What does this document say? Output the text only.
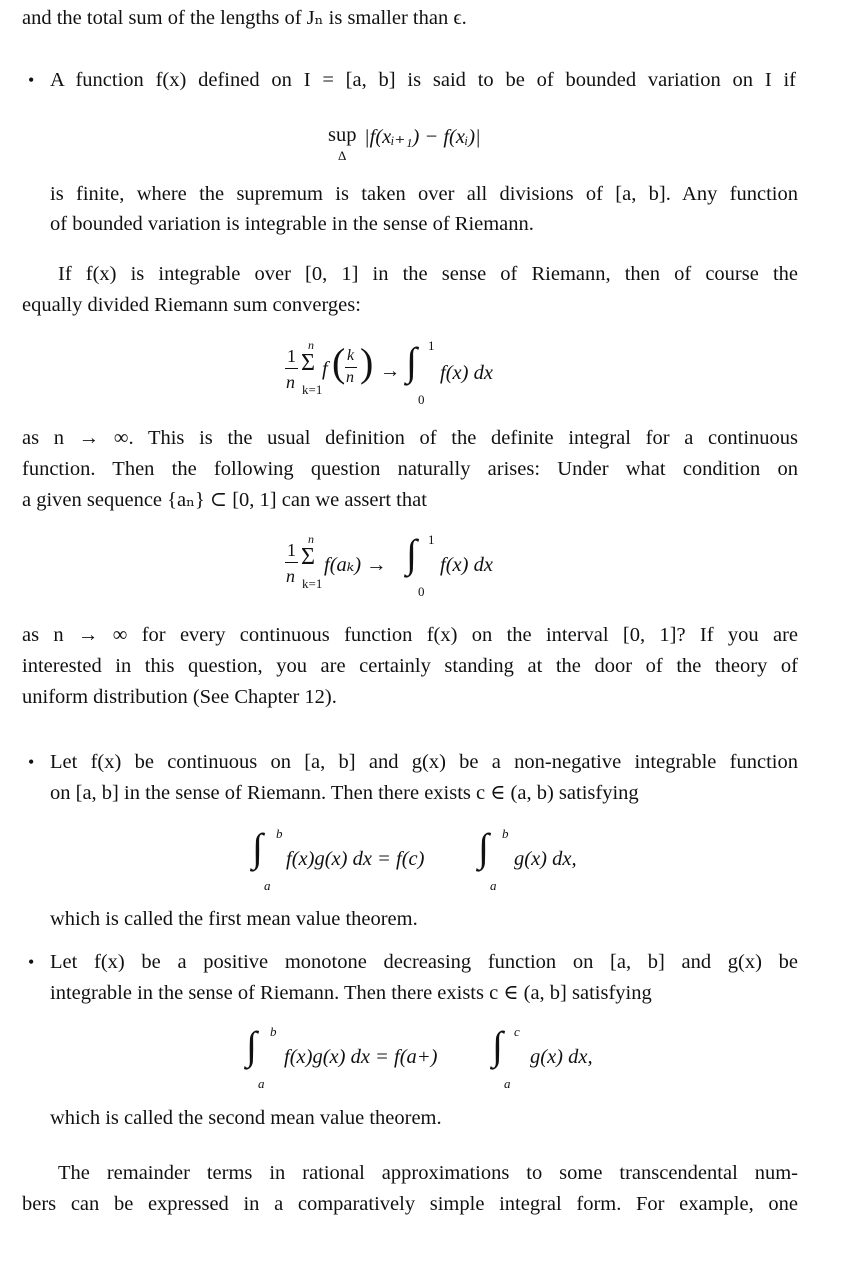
and the total sum of the lengths of Jₙ is smaller than ϵ.
• A function f(x) defined on I = [a, b] is said to be of bounded variation on I if
sup
Δ
|f(xᵢ₊₁) − f(xᵢ)|
is finite, where the supremum is taken over all divisions of [a, b]. Any function
of bounded variation is integrable in the sense of Riemann.
If f(x) is integrable over [0, 1] in the sense of Riemann, then of course the
equally divided Riemann sum converges:
1
n
n
Σ
k=1
f ( k
n ) → ∫ 1
0
f(x) dx
as n → ∞. This is the usual definition of the definite integral for a continuous
function. Then the following question naturally arises: Under what condition on
a given sequence {aₙ} ⊂ [0, 1] can we assert that
1
n
n
Σ
k=1
f(aₖ) → ∫ 1
0
f(x) dx
as n → ∞ for every continuous function f(x) on the interval [0, 1]? If you are
interested in this question, you are certainly standing at the door of the theory of
uniform distribution (See Chapter 12).
• Let f(x) be continuous on [a, b] and g(x) be a non-negative integrable function
on [a, b] in the sense of Riemann. Then there exists c ∈ (a, b) satisfying
∫ b
a
f(x)g(x) dx = f(c) ∫ b
a
g(x) dx,
which is called the first mean value theorem.
• Let f(x) be a positive monotone decreasing function on [a, b] and g(x) be
integrable in the sense of Riemann. Then there exists c ∈ (a, b] satisfying
∫ b
a
f(x)g(x) dx = f(a+) ∫ c
a
g(x) dx,
which is called the second mean value theorem.
The remainder terms in rational approximations to some transcendental num-
bers can be expressed in a comparatively simple integral form. For example, one
